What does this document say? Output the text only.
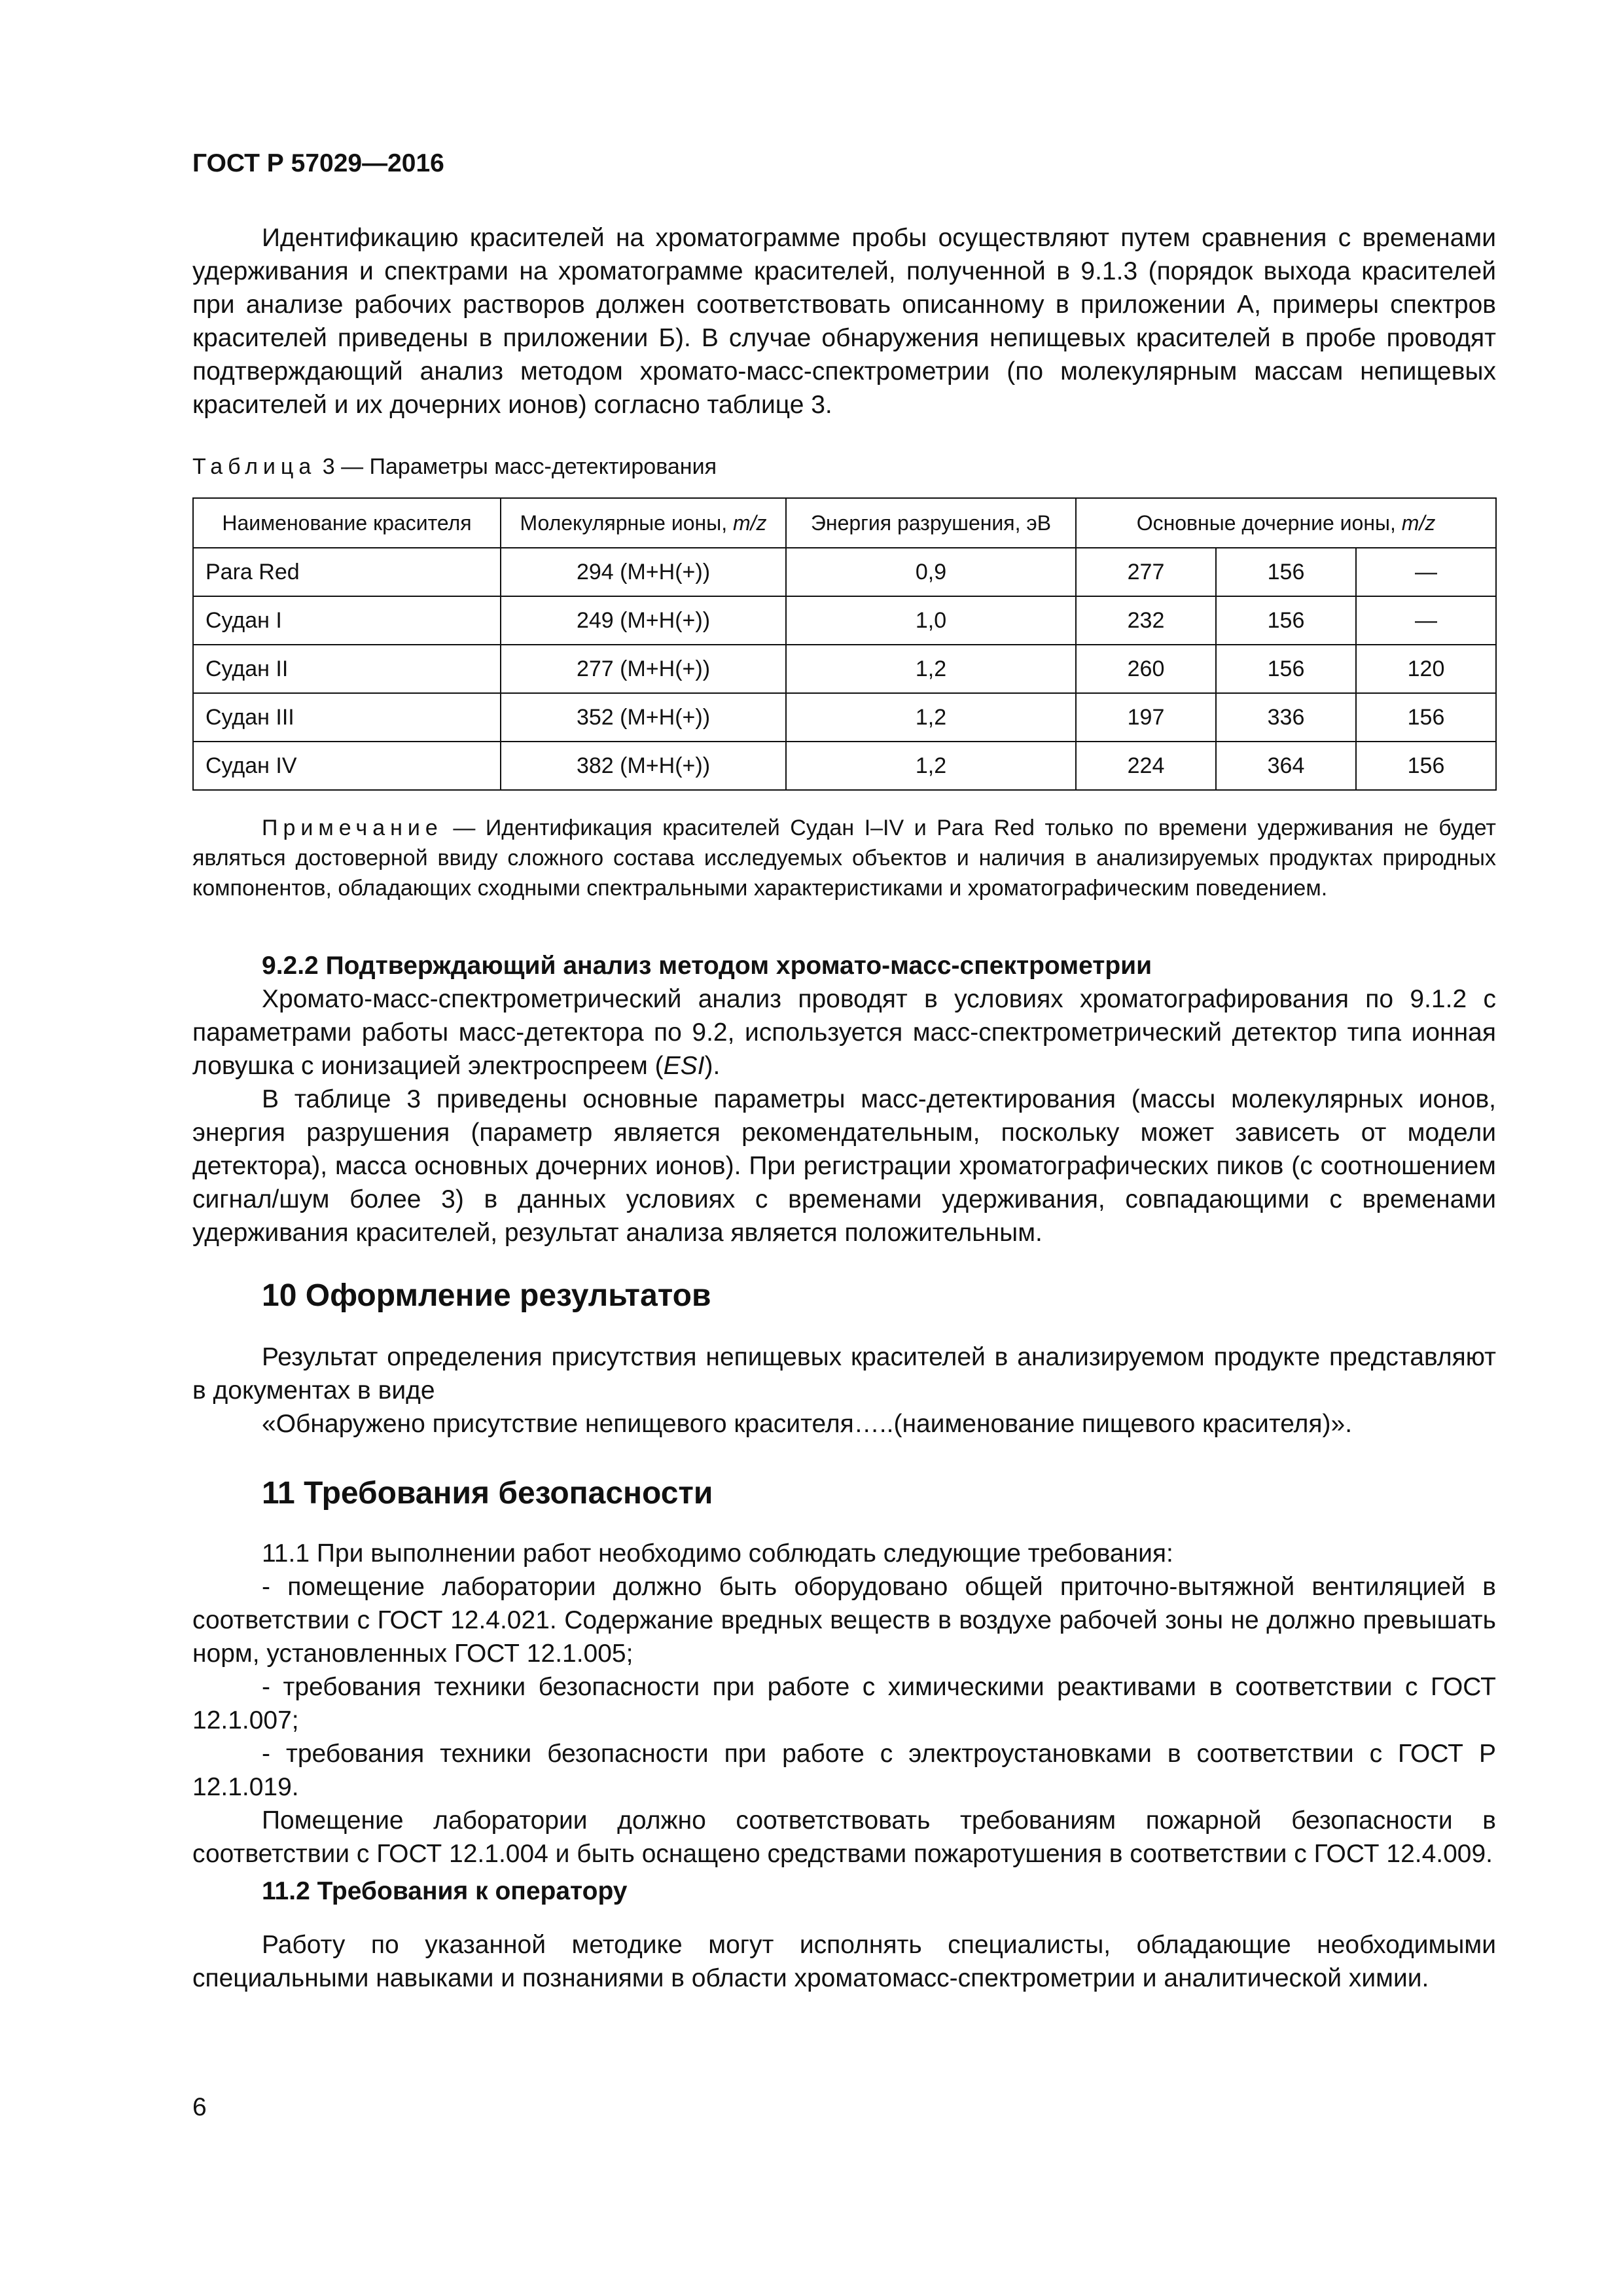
ГОСТ Р 57029—2016

Идентификацию красителей на хроматограмме пробы осуществляют путем сравнения с временами удерживания и спектрами на хроматограмме красителей, полученной в 9.1.3 (порядок выхода красителей при анализе рабочих растворов должен соответствовать описанному в приложении А, примеры спектров красителей приведены в приложении Б). В случае обнаружения непищевых красителей в пробе проводят подтверждающий анализ методом хромато-масс-спектрометрии (по молекулярным массам непищевых красителей и их дочерних ионов) согласно таблице 3.

Таблица 3 — Параметры масс-детектирования
Наименование красителя	Молекулярные ионы, m/z	Энергия разрушения, эВ	Основные дочерние ионы, m/z		
Para Red	294 (М+Н(+))	0,9	277	156	—
Судан I	249 (М+Н(+))	1,0	232	156	—
Судан II	277 (М+Н(+))	1,2	260	156	120
Судан III	352 (М+Н(+))	1,2	197	336	156
Судан IV	382 (М+Н(+))	1,2	224	364	156

Примечание — Идентификация красителей Судан I–IV и Para Red только по времени удерживания не будет являться достоверной ввиду сложного состава исследуемых объектов и наличия в анализируемых продуктах природных компонентов, обладающих сходными спектральными характеристиками и хроматографическим поведением.

9.2.2 Подтверждающий анализ методом хромато-масс-спектрометрии

Хромато-масс-спектрометрический анализ проводят в условиях хроматографирования по 9.1.2 с параметрами работы масс-детектора по 9.2, используется масс-спектрометрический детектор типа ионная ловушка с ионизацией электроспреем (ESI).

В таблице 3 приведены основные параметры масс-детектирования (массы молекулярных ионов, энергия разрушения (параметр является рекомендательным, поскольку может зависеть от модели детектора), масса основных дочерних ионов). При регистрации хроматографических пиков (с соотношением сигнал/шум более 3) в данных условиях с временами удерживания, совпадающими с временами удерживания красителей, результат анализа является положительным.

10 Оформление результатов

Результат определения присутствия непищевых красителей в анализируемом продукте представляют в документах в виде

«Обнаружено присутствие непищевого красителя…..(наименование пищевого красителя)».

11 Требования безопасности

11.1 При выполнении работ необходимо соблюдать следующие требования:

- помещение лаборатории должно быть оборудовано общей приточно-вытяжной вентиляцией в соответствии с ГОСТ 12.4.021. Содержание вредных веществ в воздухе рабочей зоны не должно превышать норм, установленных ГОСТ 12.1.005;

- требования техники безопасности при работе с химическими реактивами в соответствии с ГОСТ 12.1.007;

- требования техники безопасности при работе с электроустановками в соответствии с ГОСТ Р 12.1.019.

Помещение лаборатории должно соответствовать требованиям пожарной безопасности в соответствии с ГОСТ 12.1.004 и быть оснащено средствами пожаротушения в соответствии с ГОСТ 12.4.009.

11.2 Требования к оператору

Работу по указанной методике могут исполнять специалисты, обладающие необходимыми специальными навыками и познаниями в области хроматомасс-спектрометрии и аналитической химии.

6
